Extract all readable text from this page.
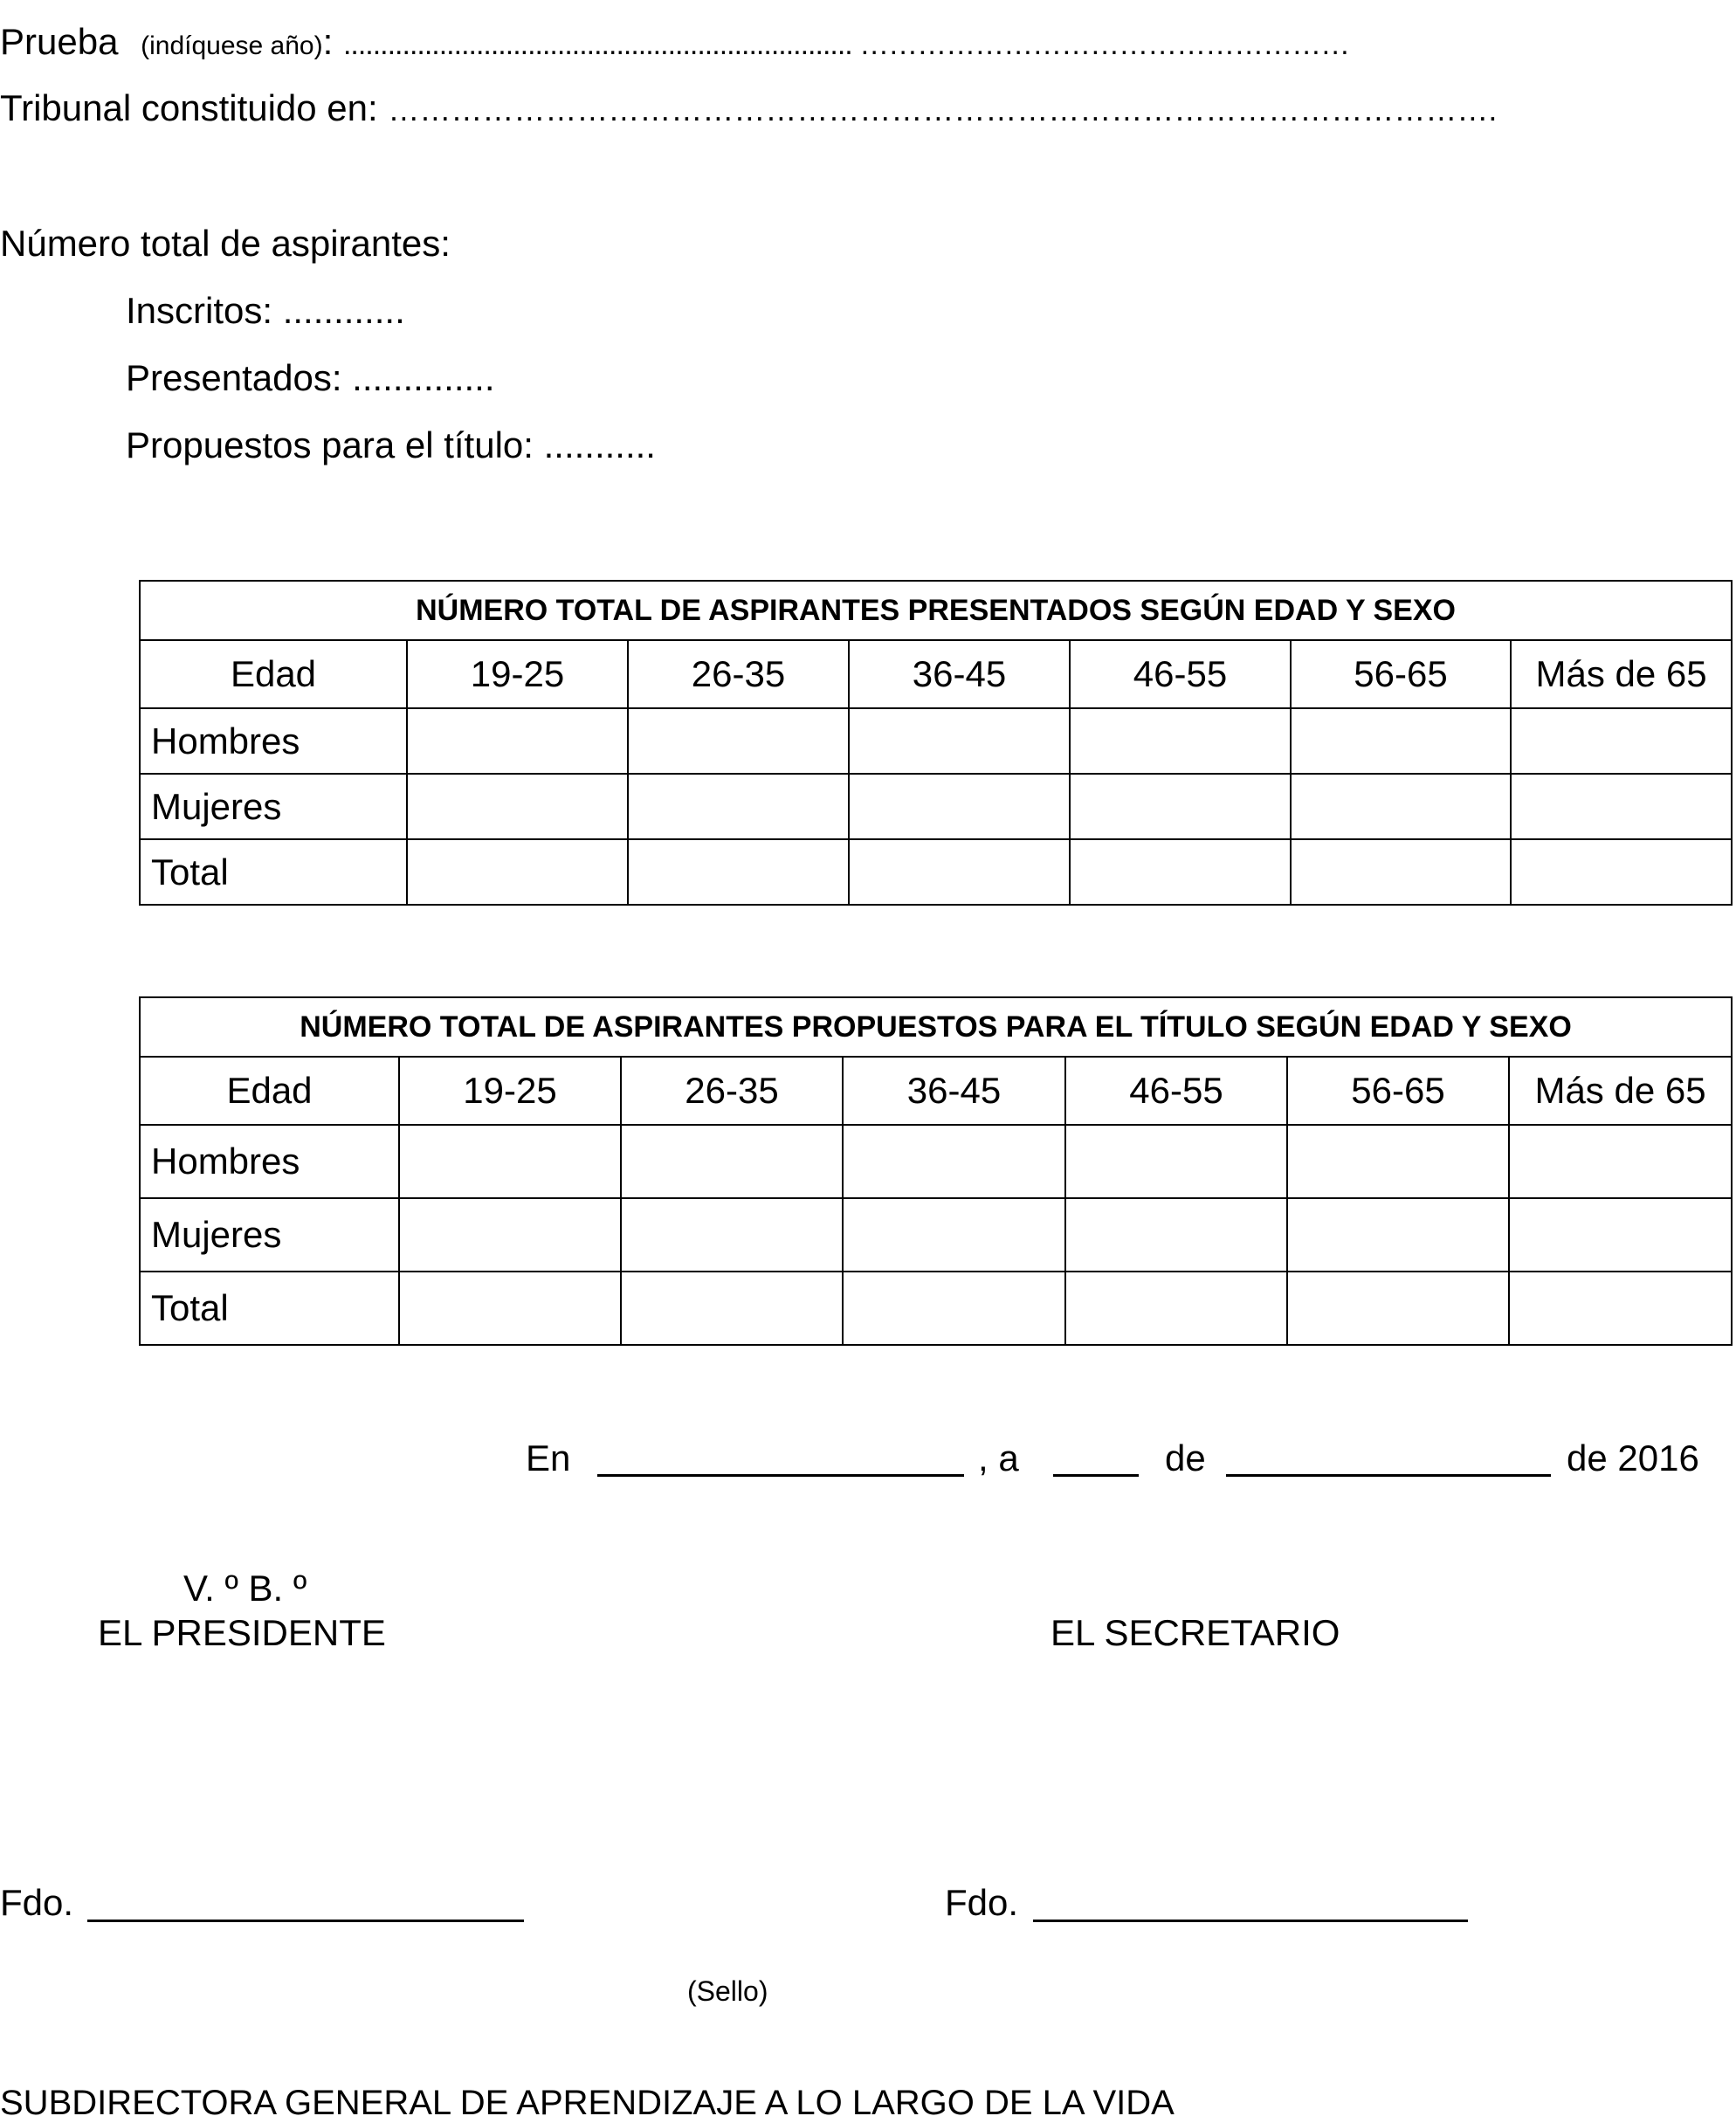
Prueba (indíquese año): ..................................................................... ……………………………………………
Tribunal constituido en: …………………………………………………………………………………………….
Número total de aspirantes:
Inscritos: ............
Presentados: ..............
Propuestos para el título: ...........
NÚMERO TOTAL DE ASPIRANTES PRESENTADOS SEGÚN EDAD Y SEXO						
Edad	19-25	26-35	36-45	46-55	56-65	Más de 65
Hombres						
Mujeres						
Total						
NÚMERO TOTAL DE ASPIRANTES PROPUESTOS PARA EL TÍTULO SEGÚN EDAD Y SEXO						
Edad	19-25	26-35	36-45	46-55	56-65	Más de 65
Hombres						
Mujeres						
Total						
En	, a	de	de 2016
V. º B. º
EL PRESIDENTE	EL SECRETARIO
Fdo.	Fdo.
(Sello)
SUBDIRECTORA GENERAL DE APRENDIZAJE A LO LARGO DE LA VIDA
